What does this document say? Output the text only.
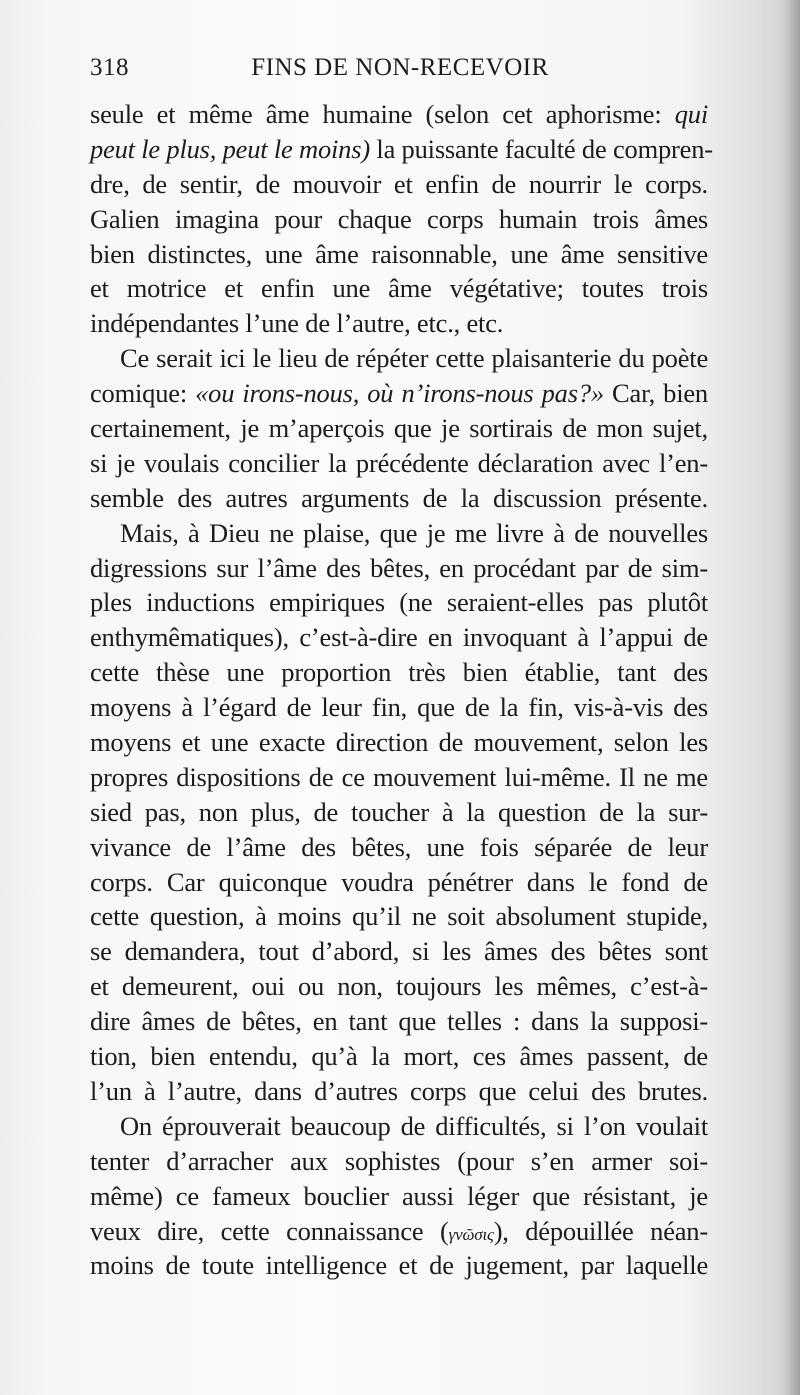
318	FINS DE NON-RECEVOIR
seule et même âme humaine (selon cet aphorisme: qui
peut le plus, peut le moins) la puissante faculté de compren-
dre, de sentir, de mouvoir et enfin de nourrir le corps.
Galien imagina pour chaque corps humain trois âmes
bien distinctes, une âme raisonnable, une âme sensitive
et motrice et enfin une âme végétative; toutes trois
indépendantes l’une de l’autre, etc., etc.
Ce serait ici le lieu de répéter cette plaisanterie du poète
comique: «ou irons-nous, où n’irons-nous pas?» Car, bien
certainement, je m’aperçois que je sortirais de mon sujet,
si je voulais concilier la précédente déclaration avec l’en-
semble des autres arguments de la discussion présente.
Mais, à Dieu ne plaise, que je me livre à de nouvelles
digressions sur l’âme des bêtes, en procédant par de sim-
ples inductions empiriques (ne seraient-elles pas plutôt
enthymêmatiques), c’est-à-dire en invoquant à l’appui de
cette thèse une proportion très bien établie, tant des
moyens à l’égard de leur fin, que de la fin, vis-à-vis des
moyens et une exacte direction de mouvement, selon les
propres dispositions de ce mouvement lui-même. Il ne me
sied pas, non plus, de toucher à la question de la sur-
vivance de l’âme des bêtes, une fois séparée de leur
corps. Car quiconque voudra pénétrer dans le fond de
cette question, à moins qu’il ne soit absolument stupide,
se demandera, tout d’abord, si les âmes des bêtes sont
et demeurent, oui ou non, toujours les mêmes, c’est-à-
dire âmes de bêtes, en tant que telles : dans la supposi-
tion, bien entendu, qu’à la mort, ces âmes passent, de
l’un à l’autre, dans d’autres corps que celui des brutes.
On éprouverait beaucoup de difficultés, si l’on voulait
tenter d’arracher aux sophistes (pour s’en armer soi-
même) ce fameux bouclier aussi léger que résistant, je
veux dire, cette connaissance (γνῶσις), dépouillée néan-
moins de toute intelligence et de jugement, par laquelle
